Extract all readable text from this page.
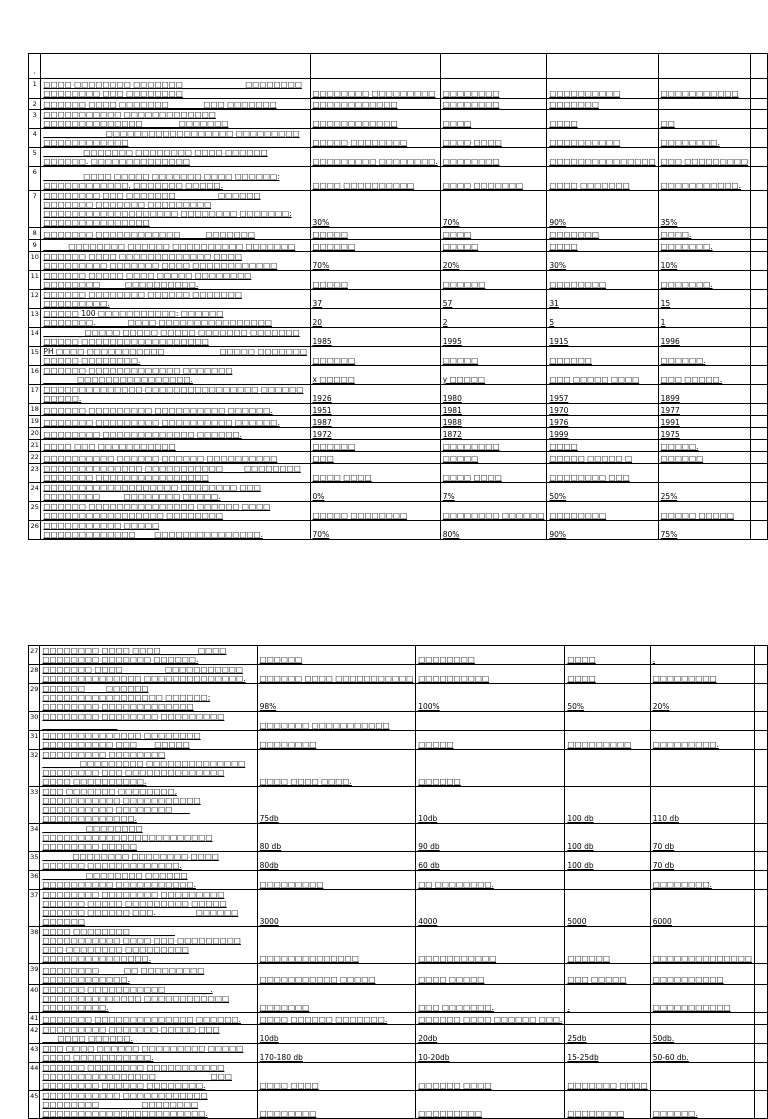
·						
1	□□□□ □□□□□□□□ □□□□□□□ ________________□□□□□□□□ □□□□□□□□ □□□ □□□□□□□□	□□□□□□□□ □□□□□□□□□	□□□□□□□□	□□□□□□□□□□	□□□□□□□□□□□	
2	□□□□□□ □□□□ □□□□□□□ ________ □□□ □□□□□□□	□□□□□□□□□□□□	□□□□□□□□	□□□□□□□		
3	□□□□□□□□□□□ □□□□□□□□□□□□□ □□□□□□□□□□□□□□ _________□□□□□□□	□□□□□□□□□□□□	□□□□	□□□□	□□	
4	________________ □□□□□□□□□□□□□□□□□□ □□□□□□□□□ □□□□□□□□□□□□	□□□□□ □□□□□□□□	□□□□ □□□□	□□□□□□□□□□	□□□□□□□□.	
5	__________ □□□□□□□ □□□□□□□□ □□□□ □□□□□□ □□□□□□. □□□□□□□□□□□□□□	□□□□□□□□□ □□□□□□□□.	□□□□□□□□	□□□□□□□□□□□□□□□	□□□ □□□□□□□□□	
6	__________ □□□□ □□□□□ □□□□□□□ □□□□ □□□□□□: □□□□□□□□□□□□, □□□□□□□ □□□□□.	□□□□ □□□□□□□□□□	□□□□ □□□□□□□	□□□□ □□□□□□□	□□□□□□□□□□□.	
7	□□□□□□□□ □□□ □□□□□□□ __________ □□□□□□ □□□□□□□ □□□□□□□ □□□□□□□□□ □□□□□□□□□□□□□□□□□□□ □□□□□□□□ □□□□□□□; □□□□□□□□□□□□□□□	30%	70%	90%	35%	
8	□□□□□□□ □□□□□□□□□□□□ ______□□□□□□□	□□□□□	□□□□	□□□□□□□	□□□□.	
9	______ □□□□□□□□ □□□□□□ □□□□□□□□□□ □□□□□□□	□□□□□□	□□□□□	□□□□	□□□□□□□.	
10	□□□□□□ □□□□ □□□□□□□□□□□□□ □□□□ □□□□□□□□□ □□□□□□□ □□□□ □□□□□□□□□□□□	70%	20%	30%	10%	
11	□□□□□□ □□□□□ □□□□ □□□□□ □□□□□□□□ □□□□□□□□ ______□□□□□□□□□□.	□□□□□	□□□□□□	□□□□□□□□	□□□□□□□.	
12	□□□□□□ □□□□□□□□ □□□□□□ □□□□□□□ □□□□□□□□□.	37	57	31	15	
13	□□□□□ 100 □□□□□□□□□□□: □□□□□□ □□□□□□□.________ □□□□ □□□□□□□□□□□□□□□□	20	2	5	1	
14	___________□□□□□ □□□□□ □□□□□ □□□□□□□ □□□□□□□ □□□□□ □□□□□□□□□□□□□□□□□□	1985	1995	1915	1996	
15	PH □□□□ □□□□□□□□□□□ ______________□□□□□ □□□□□□□ □□□□□ □□□□□□□□.	□□□□□□	□□□□□	□□□□□□	□□□□□□.	
16	□□□□□□ □□□□□□□□□□□□□ □□□□□□□ _________□□□□□□□□□□□□□□□□.	x □□□□□	y □□□□□	□□□ □□□□□ □□□□	□□□ □□□□□.	
17	□□□□□□□□□□□□□□ □□□□□□□□□□□□□□□□ □□□□□□ □□□□□.	1926	1980	1957	1899	
18	□□□□□□ □□□□□□□□□ □□□□□□□□□□ □□□□□□.	1951	1981	1970	1977	
19	□□□□□□□ □□□□□□□□□ □□□□□□□□□□ □□□□□□.	1987	1988	1976	1991	
20	□□□□□□□□ □□□□□□□□□□□□□ □□□□□□.	1972	1872	1999	1975	
21	□□□□ □□□ □□□□□□□□□□□	□□□□□□	□□□□□□□□	□□□□	□□□□□.	
22	□□□□□□□□□□ □□□□□□ □□□□□□ □□□□□□□□□□	□□□	□□□□□	□□□□□ □□□□□ □	□□□□□□	
23	□□□□□□□□□□□□□□ □□□□□□□□□□□ _____□□□□□□□□ □□□□□□□ □□□□□□□□□□□□□□□□	□□□□ □□□□	□□□□ □□□□	□□□□□□□□ □□□		
24	□□□□□□□□□□□□□□□□□□□ □□□□□□□□ □□□ □□□□□□□□ _____ □□□□□□□□ □□□□□.	0%	7%	50%	25%	
25	□□□□□□ □□□□□□□□□□□□□□□ □□□□□□ □□□□ □□□□□□□□□□□□□□□□□ □□□□□□□□	□□□□□ □□□□□□□□	□□□□□□□□ □□□□□□	□□□□□□□□	□□□□□ □□□□□	
26	□□□□□□□□□□□ □□□□□ □□□□□□□□□□□□□_____□□□□□□□□□□□□□□□.	70%	80%	90%	75%	
27	□□□□□□□□ □□□□ □□□□__________□□□□ □□□□□□□□ □□□□□□□ □□□□□□.	□□□□□□	□□□□□□□□	□□□□	.	
28	□□□□□□□ □□□□ __________ □□□□□□□□□□□ □□□□□□□□□□□□□□ □□□□□□□□□□□□□□.	□□□□□□ □□□□ □□□□□□□□□□□	□□□□□□□□□□	□□□□	□□□□□□□□□	
29	□□□□□□ _____□□□□□□ □□□□□□□□□□□□□□□□□ □□□□□□; □□□□□□□□ □□□□□□□□□□□□□	98%	100%	50%	20%	
30	□□□□□□□□ □□□□□□□□ □□□□□□□□□ ____________________	□□□□□□□ □□□□□□□□□□□				
31	□□□□□□□□□□□□□□ □□□□□□□□ □□□□□□□□□□ □□□ ____□□□□□	□□□□□□□□	□□□□□	□□□□□□□□□	□□□□□□□□□.	
32	□□□□□□□□□ □□□□□□□□ __________□□□□□□□□□ □□□□□□□□□□□□□□ □□□□□□□□ □□□ □□□□□□□□□□□□□□ □□□□ □□□□□□□□□□.	□□□□ □□□□ □□□□.	□□□□□□			
33	□□□ □□□□□□□ □□□□□□□□, □□□□□□□□□□□ □□□□□□□□□□□ □□□□□□□□□□ □□□□□□□□ ____ □□□□□□□□□□□□□.	75db	10db	100 db	110 db	
34	___________ □□□□□□□□ □□□□□□□□□□□□□□□□□□□□□□□□ □□□□□□□□ □□□□□	80 db	90 db	100 db	70 db	
35	________□□□□□□□□ □□□□□□□□ □□□□ □□□□□□ □□□□□□□□□□□□□.	80db	60 db	100 db	70 db	
36	___________ □□□□□□□□ □□□□□□ □□□□□□□□□□ □□□□□□□□□□□.	□□□□□□□□□	□□ □□□□□□□□.		□□□□□□□□.	
37	□□□□□□□□ □□□□□□□□ □□□□□□□□□ □□□□□□ □□□□□ □□□□□□□□□ □□□□□ □□□□□□ □□□□□□ □□□.__________ □□□□□□ □□□□□□	3000	4000	5000	6000	
38	□□□□ □□□□□□□□____________ □□□□□□□□□□□ □□□□ □□□ □□□□□□□□□ □□□ □□□□□□□□ □□□□□□□□□ □□□□□□□□□□□□□□□.	□□□□□□□□□□□□□□	□□□□□□□□□□□	□□□□□□	□□□□□□□□□□□□□□	
39	□□□□□□□□ ______□□ □□□□□□□□□ □□□□□□□□□□□□.	□□□□□□□□□□□ □□□□□	□□□□ □□□□□	□□□ □□□□□	□□□□□□□□□□	
40	□□□□□□ □□□□□□□□□□□____________. □□□□□□□□□□□□□□ □□□□□□□□□□□□ □□□□□□□□□.	□□□□□□□	□□□ □□□□□□□.	.	□□□□□□□□□□□	
41	□□□□□□□ □□□□□□□□□□□□□□ □□□□□□.	□□□□ □□□□□□ □□□□□□□.	□□□□□□ □□□□ □□□□□□ □□□.			
42	□□□□□□□□□ □□□□□□□ □□□□□ □□□ ____□□□□ □□□□□□.	10db	20db	25db	50db.	
43	□□□ □□□□ □□□□□□ □□□□□□□□□ □□□□□ □□□□ □□□□□□□□□□□.	170-180 db	10-20db	15-25db	50-60 db.	
44	□□□□□□ □□□□□□□□ □□□□□□□□□□□ □□□□□□□□□□□□□□□□______________ □□□ □□□□□□□□ □□□□□□ □□□□□□□□.	□□□□ □□□□	□□□□□□ □□□□	□□□□□□□ □□□□		
45	□□□□□□□□□□□ □□□□□□□□□□□□ □□□□□□□□ _______ ___□□□□□□□□ □□□□□□□□□□□□□□□□□□□□□□□.	□□□□□□□□	□□□□□□□□□	□□□□□□□□	□□□□□□.	
